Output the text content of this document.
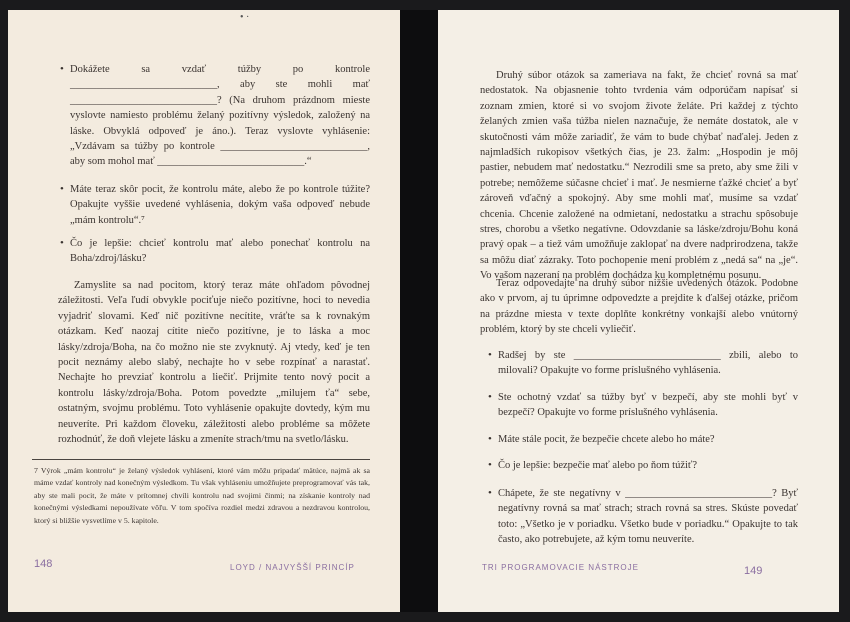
• ·
• Dokážete sa vzdať túžby po kontrole ____________________________, aby ste mohli mať ____________________________? (Na druhom prázdnom mieste vyslovte namiesto problému želaný pozitívny výsledok, založený na láske. Obvyklá odpoveď je áno.). Teraz vyslovte vyhlásenie: „Vzdávam sa túžby po kontrole ____________________________, aby som mohol mať ____________________________.“
• Máte teraz skôr pocit, že kontrolu máte, alebo že po kontrole túžite? Opakujte vyššie uvedené vyhlásenia, dokým vaša odpoveď nebude „mám kontrolu“.⁷
• Čo je lepšie: chcieť kontrolu mať alebo ponechať kontrolu na Boha/zdroj/lásku?
Zamyslite sa nad pocitom, ktorý teraz máte ohľadom pôvodnej záležitosti. Veľa ľudí obvykle pociťuje niečo pozitívne, hoci to nevedia vyjadriť slovami. Keď nič pozitívne necítite, vráťte sa k rovnakým otázkam. Keď naozaj cítite niečo pozitívne, je to láska a moc lásky/zdroja/Boha, na čo možno nie ste zvyknutý. Aj vtedy, keď je ten pocit neznámy alebo slabý, nechajte ho v sebe rozpínať a narastať. Nechajte ho prevziať kontrolu a liečiť. Prijmite tento nový pocit a kontrolu lásky/zdroja/Boha. Potom povedzte „milujem ťa“ sebe, ostatným, svojmu problému. Toto vyhlásenie opakujte dovtedy, kým mu neuveríte. Pri každom človeku, záležitosti alebo probléme sa môžete rozhodnúť, že doň vlejete lásku a zmeníte strach/tmu na svetlo/lásku.
7 Výrok „mám kontrolu“ je želaný výsledok vyhlásení, ktoré vám môžu pripadať mätúce, najmä ak sa máme vzdať kontroly nad konečným výsledkom. Tu však vyhláseniu umožňujete preprogramovať vás tak, aby ste mali pocit, že máte v prítomnej chvíli kontrolu nad svojimi činmi; na získanie kontroly nad konečnými výsledkami nepoužívate vôľu. V tom spočíva rozdiel medzi zdravou a nezdravou kontrolou, ktorý si bližšie vysvetlíme v 5. kapitole.
148	LOYD / NAJVYŠŠÍ PRINCÍP
Druhý súbor otázok sa zameriava na fakt, že chcieť rovná sa mať nedostatok. Na objasnenie tohto tvrdenia vám odporúčam napísať si zoznam zmien, ktoré si vo svojom živote želáte. Pri každej z týchto želaných zmien vaša túžba nielen naznačuje, že nemáte dostatok, ale v skutočnosti vám môže zariadiť, že vám to bude chýbať naďalej. Jeden z najmladších rukopisov všetkých čias, je 23. žalm: „Hospodin je môj pastier, nebudem mať nedostatku.“ Nezrodili sme sa preto, aby sme žili v potrebe; nemôžeme súčasne chcieť i mať. Je nesmierne ťažké chcieť a byť zároveň vďačný a spokojný. Aby sme mohli mať, musíme sa vzdať chcenia. Chcenie založené na odmietaní, nedostatku a strachu spôsobuje stres, chorobu a všetko negatívne. Odovzdanie sa láske/zdroju/Bohu koná pravý opak – a tiež vám umožňuje zaklopať na dvere nadprirodzena, takže sa môžu diať zázraky. Toto pochopenie mení problém z „nedá sa“ na „je“. Vo vašom nazeraní na problém dochádza ku kompletnému posunu.
Teraz odpovedajte na druhý súbor nižšie uvedených otázok. Podobne ako v prvom, aj tu úprimne odpovedzte a prejdite k ďalšej otázke, pričom na prázdne miesta v texte doplňte konkrétny vonkajší alebo vnútorný problém, ktorý by ste chceli vyliečiť.
• Radšej by ste ____________________________ zbili, alebo to milovali? Opakujte vo forme príslušného vyhlásenia.
• Ste ochotný vzdať sa túžby byť v bezpečí, aby ste mohli byť v bezpečí? Opakujte vo forme príslušného vyhlásenia.
• Máte stále pocit, že bezpečie chcete alebo ho máte?
• Čo je lepšie: bezpečie mať alebo po ňom túžiť?
• Chápete, že ste negatívny v ____________________________? Byť negatívny rovná sa mať strach; strach rovná sa stres. Skúste povedať toto: „Všetko je v poriadku. Všetko bude v poriadku.“ Opakujte to tak často, ako potrebujete, až kým tomu neuveríte.
TRI PROGRAMOVACIE NÁSTROJE	149
